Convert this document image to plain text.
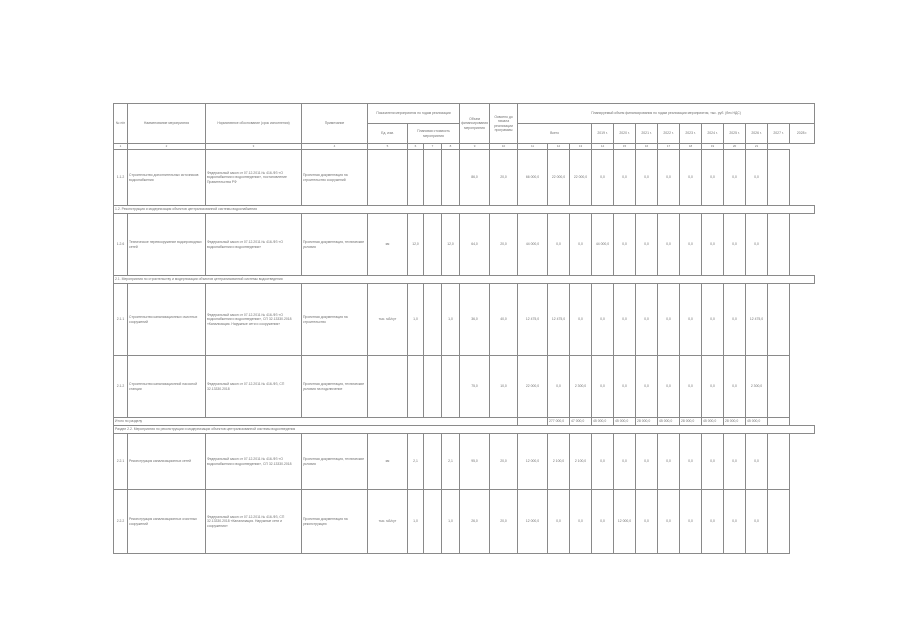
№ п/п	Наименование мероприятия	Нормативное обоснование (срок исполнения)	Примечание	Показатели мероприятия по годам реализации				Объем финансирования мероприятия	Освоено до начала реализации программы	Планируемый объем финансирования по годам реализации мероприятия, тыс. руб. (без НДС)												
				Ед. изм.	Плановая стоимость мероприятия					Всего			2019 г.	2020 г.	2021 г.	2022 г.	2023 г.	2024 г.	2025 г.	2026 г.	2027 г.	2028 г.
1	2	3	4	5	6	7	8	9	10	11	12	13	14	15	16	17	18	19	20	21		
1.1.2	Строительство дополнительных источников водоснабжения	Федеральный закон от 07.12.2011 № 416-ФЗ «О водоснабжении и водоотведении», постановление Правительства РФ	Проектная документация на строительство сооружений					86,0	20,0	66 000,0	22 000,0	22 000,0	0,0	0,0	0,0	0,0	0,0	0,0	0,0	0,0		
1.2. Реконструкция и модернизация объектов централизованной системы водоснабжения																						
1.2.6	Техническое перевооружение водопроводных сетей	Федеральный закон от 07.12.2011 № 416-ФЗ «О водоснабжении и водоотведении»	Проектная документация, технические условия	км	12,0		12,0	64,0	20,0	44 000,0	0,0	0,0	44 000,0	0,0	0,0	0,0	0,0	0,0	0,0	0,0		
2.1. Мероприятия по строительству и модернизации объектов централизованной системы водоотведения																						
2.1.1	Строительство канализационных очистных сооружений	Федеральный закон от 07.12.2011 № 416-ФЗ «О водоснабжении и водоотведении», СП 32.13330.2018 «Канализация. Наружные сети и сооружения»	Проектная документация на строительство	тыс. м3/сут	1,0		1,0	36,0	40,0	12 475,0	12 475,0	0,0	0,0	0,0	0,0	0,0	0,0	0,0	0,0	12 475,0		
2.1.2	Строительство канализационной насосной станции	Федеральный закон от 07.12.2011 № 416-ФЗ, СП 32.13330.2018	Проектная документация, технические условия на подключение					75,0	10,0	22 000,0	0,0	2 300,0	0,0	0,0	0,0	0,0	0,0	0,0	0,0	2 300,0		
Итого по разделу											277 000,0	47 000,0	45 000,0	45 000,0	28 000,0	45 000,0	28 000,0	45 000,0	28 000,0	45 000,0		
Раздел 2.2. Мероприятия по реконструкции и модернизации объектов централизованной системы водоотведения																						
2.2.1	Реконструкция канализационных сетей	Федеральный закон от 07.12.2011 № 416-ФЗ «О водоснабжении и водоотведении», СП 32.13330.2018	Проектная документация, технические условия	км	2,1		2,1	95,0	20,0	12 000,0	2 100,0	2 100,0	0,0	0,0	0,0	0,0	0,0	0,0	0,0	0,0		
2.2.2	Реконструкция канализационных очистных сооружений	Федеральный закон от 07.12.2011 № 416-ФЗ, СП 32.13330.2018 «Канализация. Наружные сети и сооружения»	Проектная документация на реконструкцию	тыс. м3/сут	1,0		1,0	26,0	20,0	12 000,0	0,0	0,0	0,0	12 000,0	0,0	0,0	0,0	0,0	0,0	0,0		
